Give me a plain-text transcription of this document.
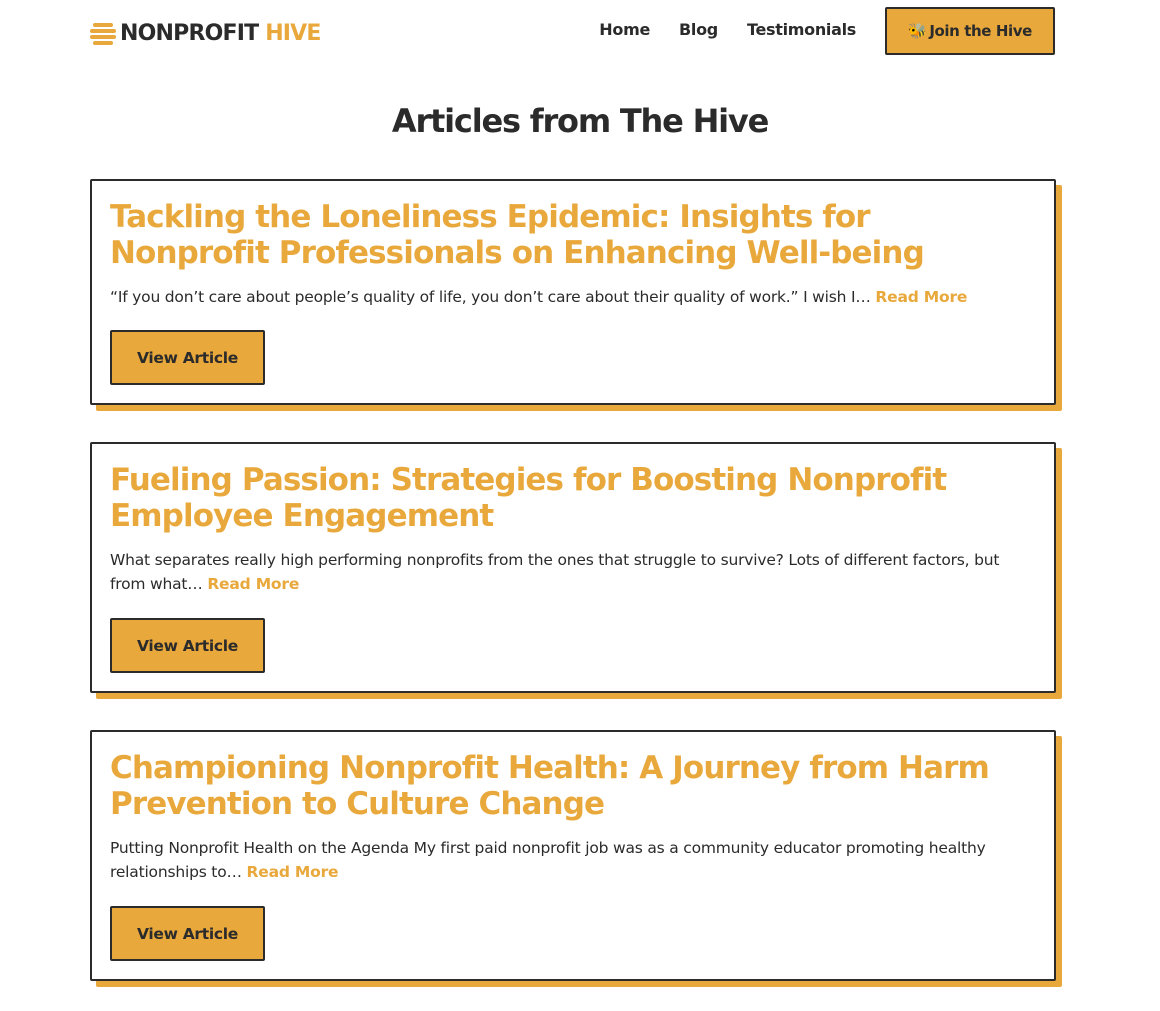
NONPROFIT HIVE	Home Blog Testimonials	🐝 Join the Hive
Articles from The Hive
Tackling the Loneliness Epidemic: Insights for Nonprofit Professionals on Enhancing Well-being

“If you don’t care about people’s quality of life, you don’t care about their quality of work.” I wish I… Read More

View Article
Fueling Passion: Strategies for Boosting Nonprofit Employee Engagement

What separates really high performing nonprofits from the ones that struggle to survive? Lots of different factors, but from what… Read More

View Article
Championing Nonprofit Health: A Journey from Harm Prevention to Culture Change

Putting Nonprofit Health on the Agenda My first paid nonprofit job was as a community educator promoting healthy relationships to… Read More

View Article
